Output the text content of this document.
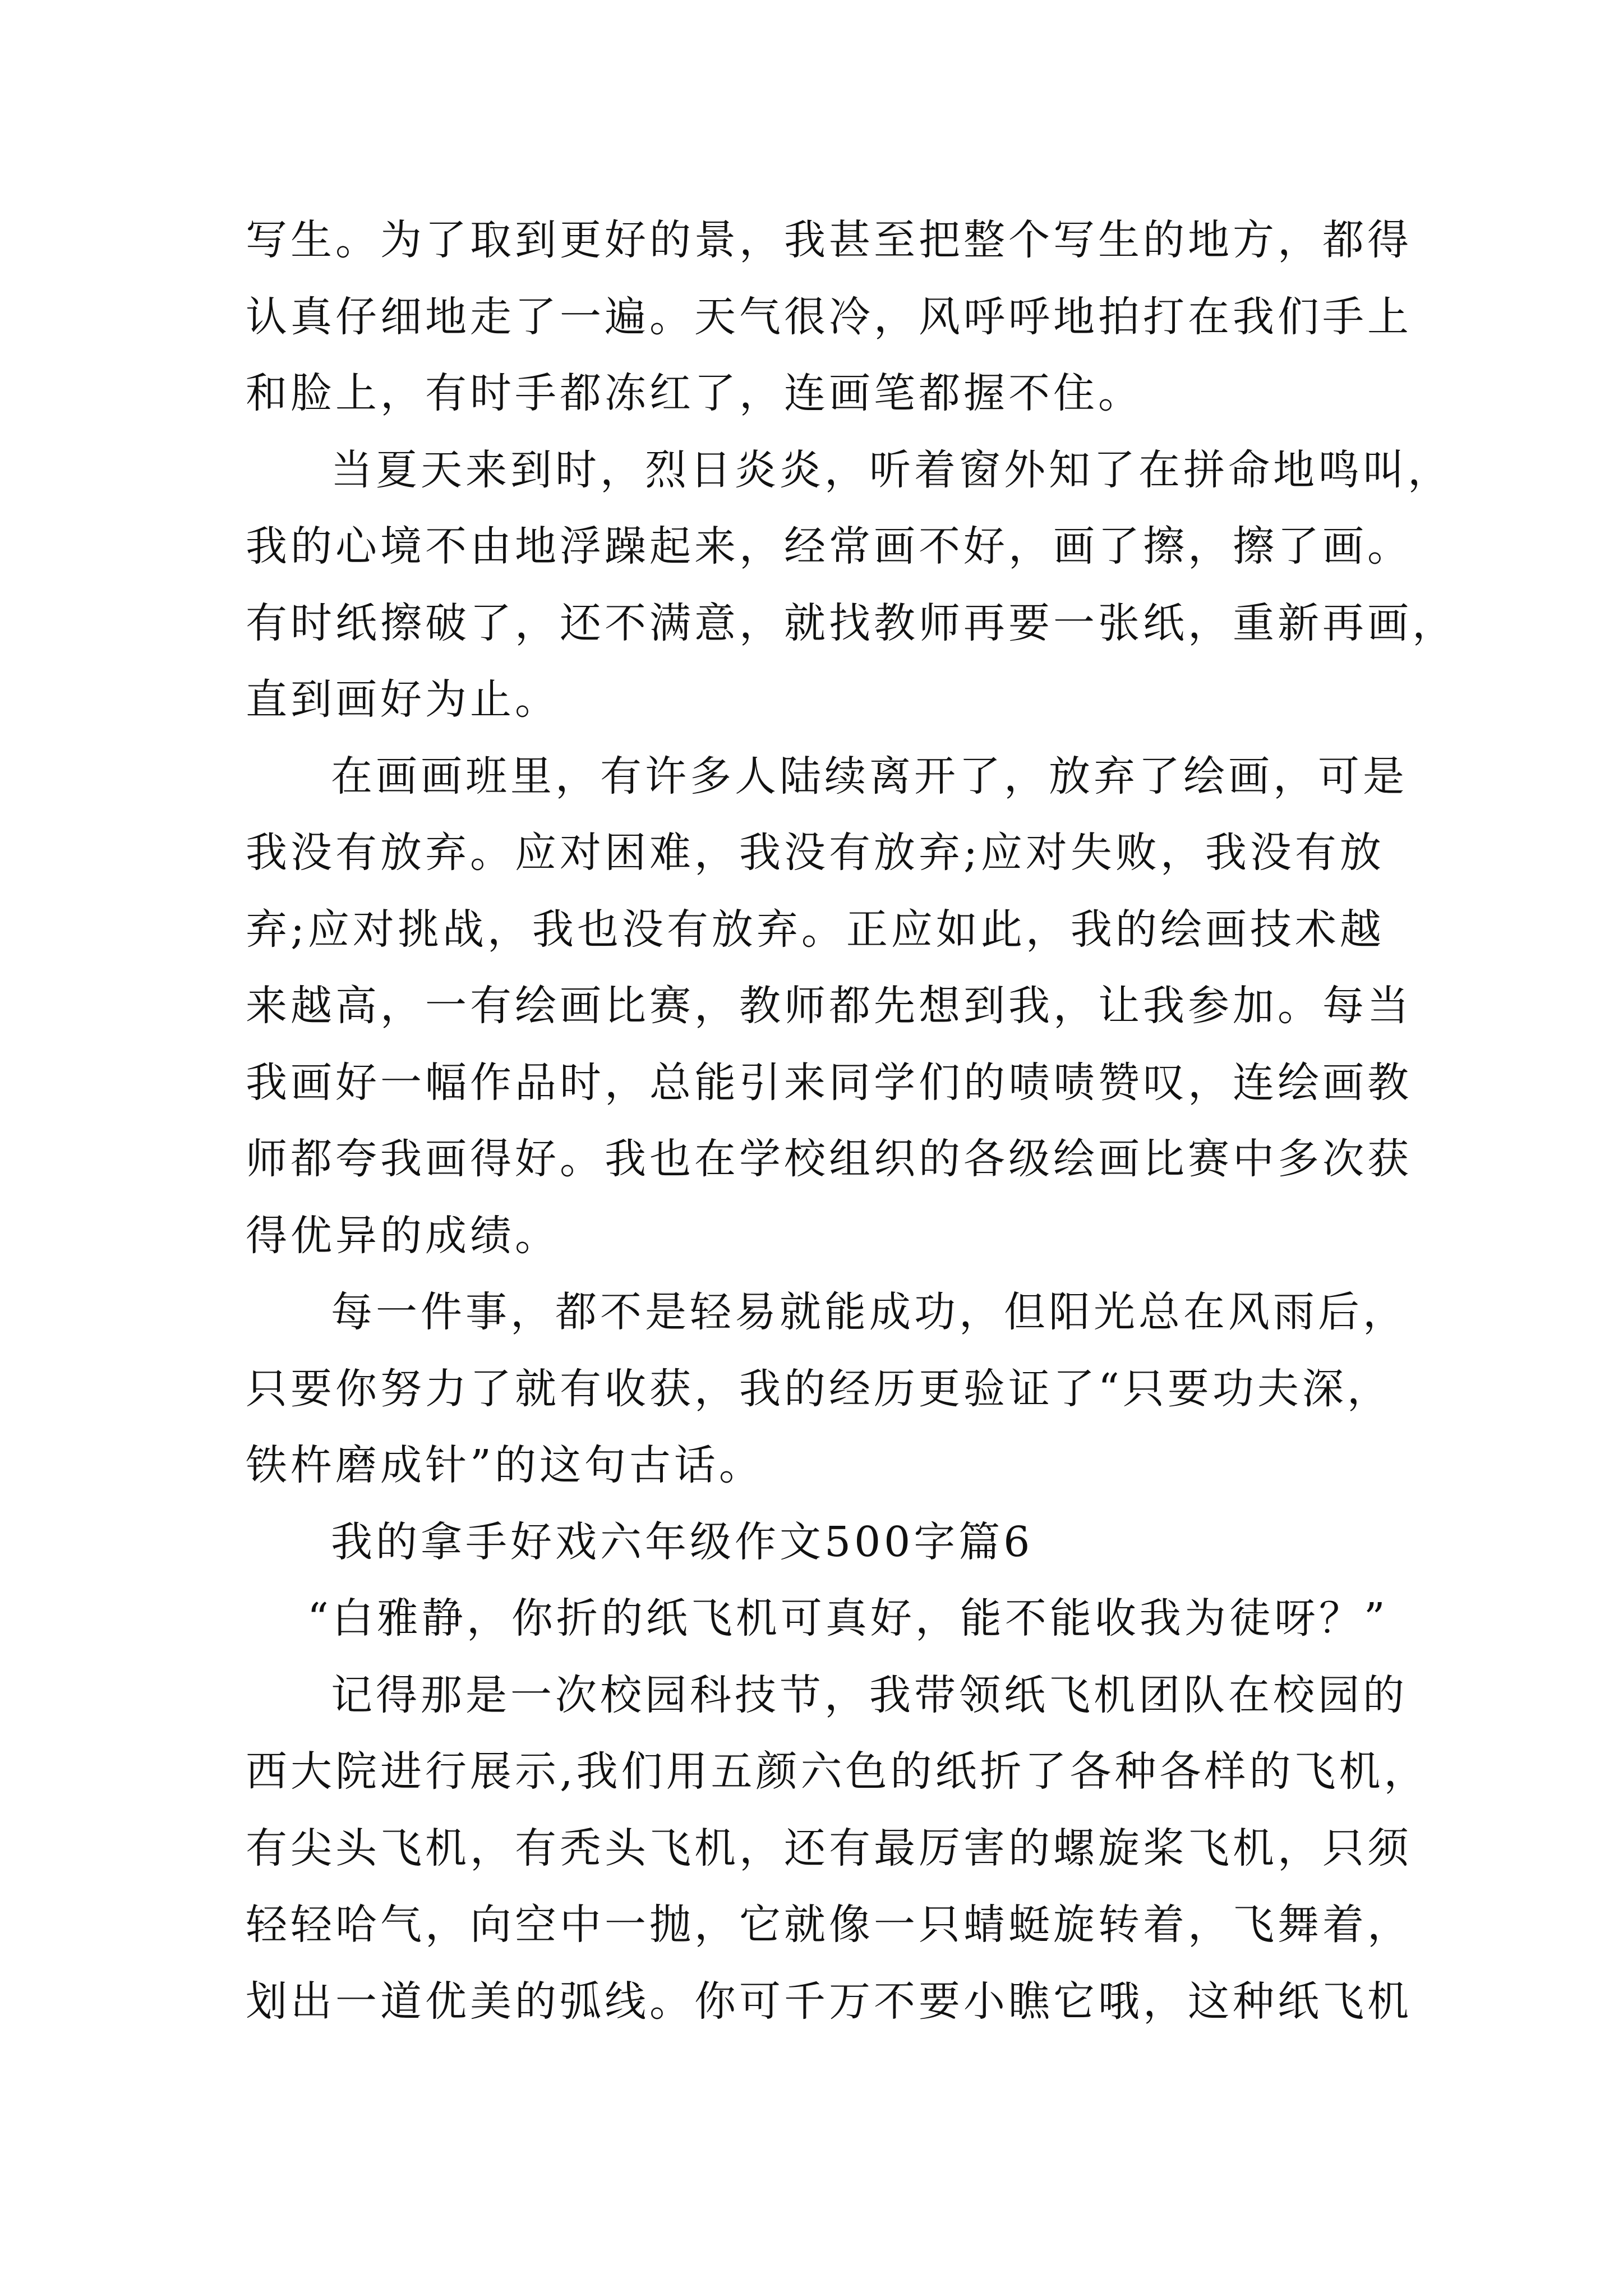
写生。为了取到更好的景，我甚至把整个写生的地方，都得
认真仔细地走了一遍。天气很冷，风呼呼地拍打在我们手上
和脸上，有时手都冻红了，连画笔都握不住。
当夏天来到时，烈日炎炎，听着窗外知了在拼命地鸣叫，
我的心境不由地浮躁起来，经常画不好，画了擦，擦了画。
有时纸擦破了，还不满意，就找教师再要一张纸，重新再画，
直到画好为止。
在画画班里，有许多人陆续离开了，放弃了绘画，可是
我没有放弃。应对困难，我没有放弃;应对失败，我没有放
弃;应对挑战，我也没有放弃。正应如此，我的绘画技术越
来越高，一有绘画比赛，教师都先想到我，让我参加。每当
我画好一幅作品时，总能引来同学们的啧啧赞叹，连绘画教
师都夸我画得好。我也在学校组织的各级绘画比赛中多次获
得优异的成绩。
每一件事，都不是轻易就能成功，但阳光总在风雨后，
只要你努力了就有收获，我的经历更验证了“只要功夫深，
铁杵磨成针”的这句古话。
我的拿手好戏六年级作文500字篇6
“白雅静，你折的纸飞机可真好，能不能收我为徒呀？”
记得那是一次校园科技节，我带领纸飞机团队在校园的
西大院进行展示,我们用五颜六色的纸折了各种各样的飞机，
有尖头飞机，有秃头飞机，还有最厉害的螺旋桨飞机，只须
轻轻哈气，向空中一抛，它就像一只蜻蜓旋转着，飞舞着，
划出一道优美的弧线。你可千万不要小瞧它哦，这种纸飞机
